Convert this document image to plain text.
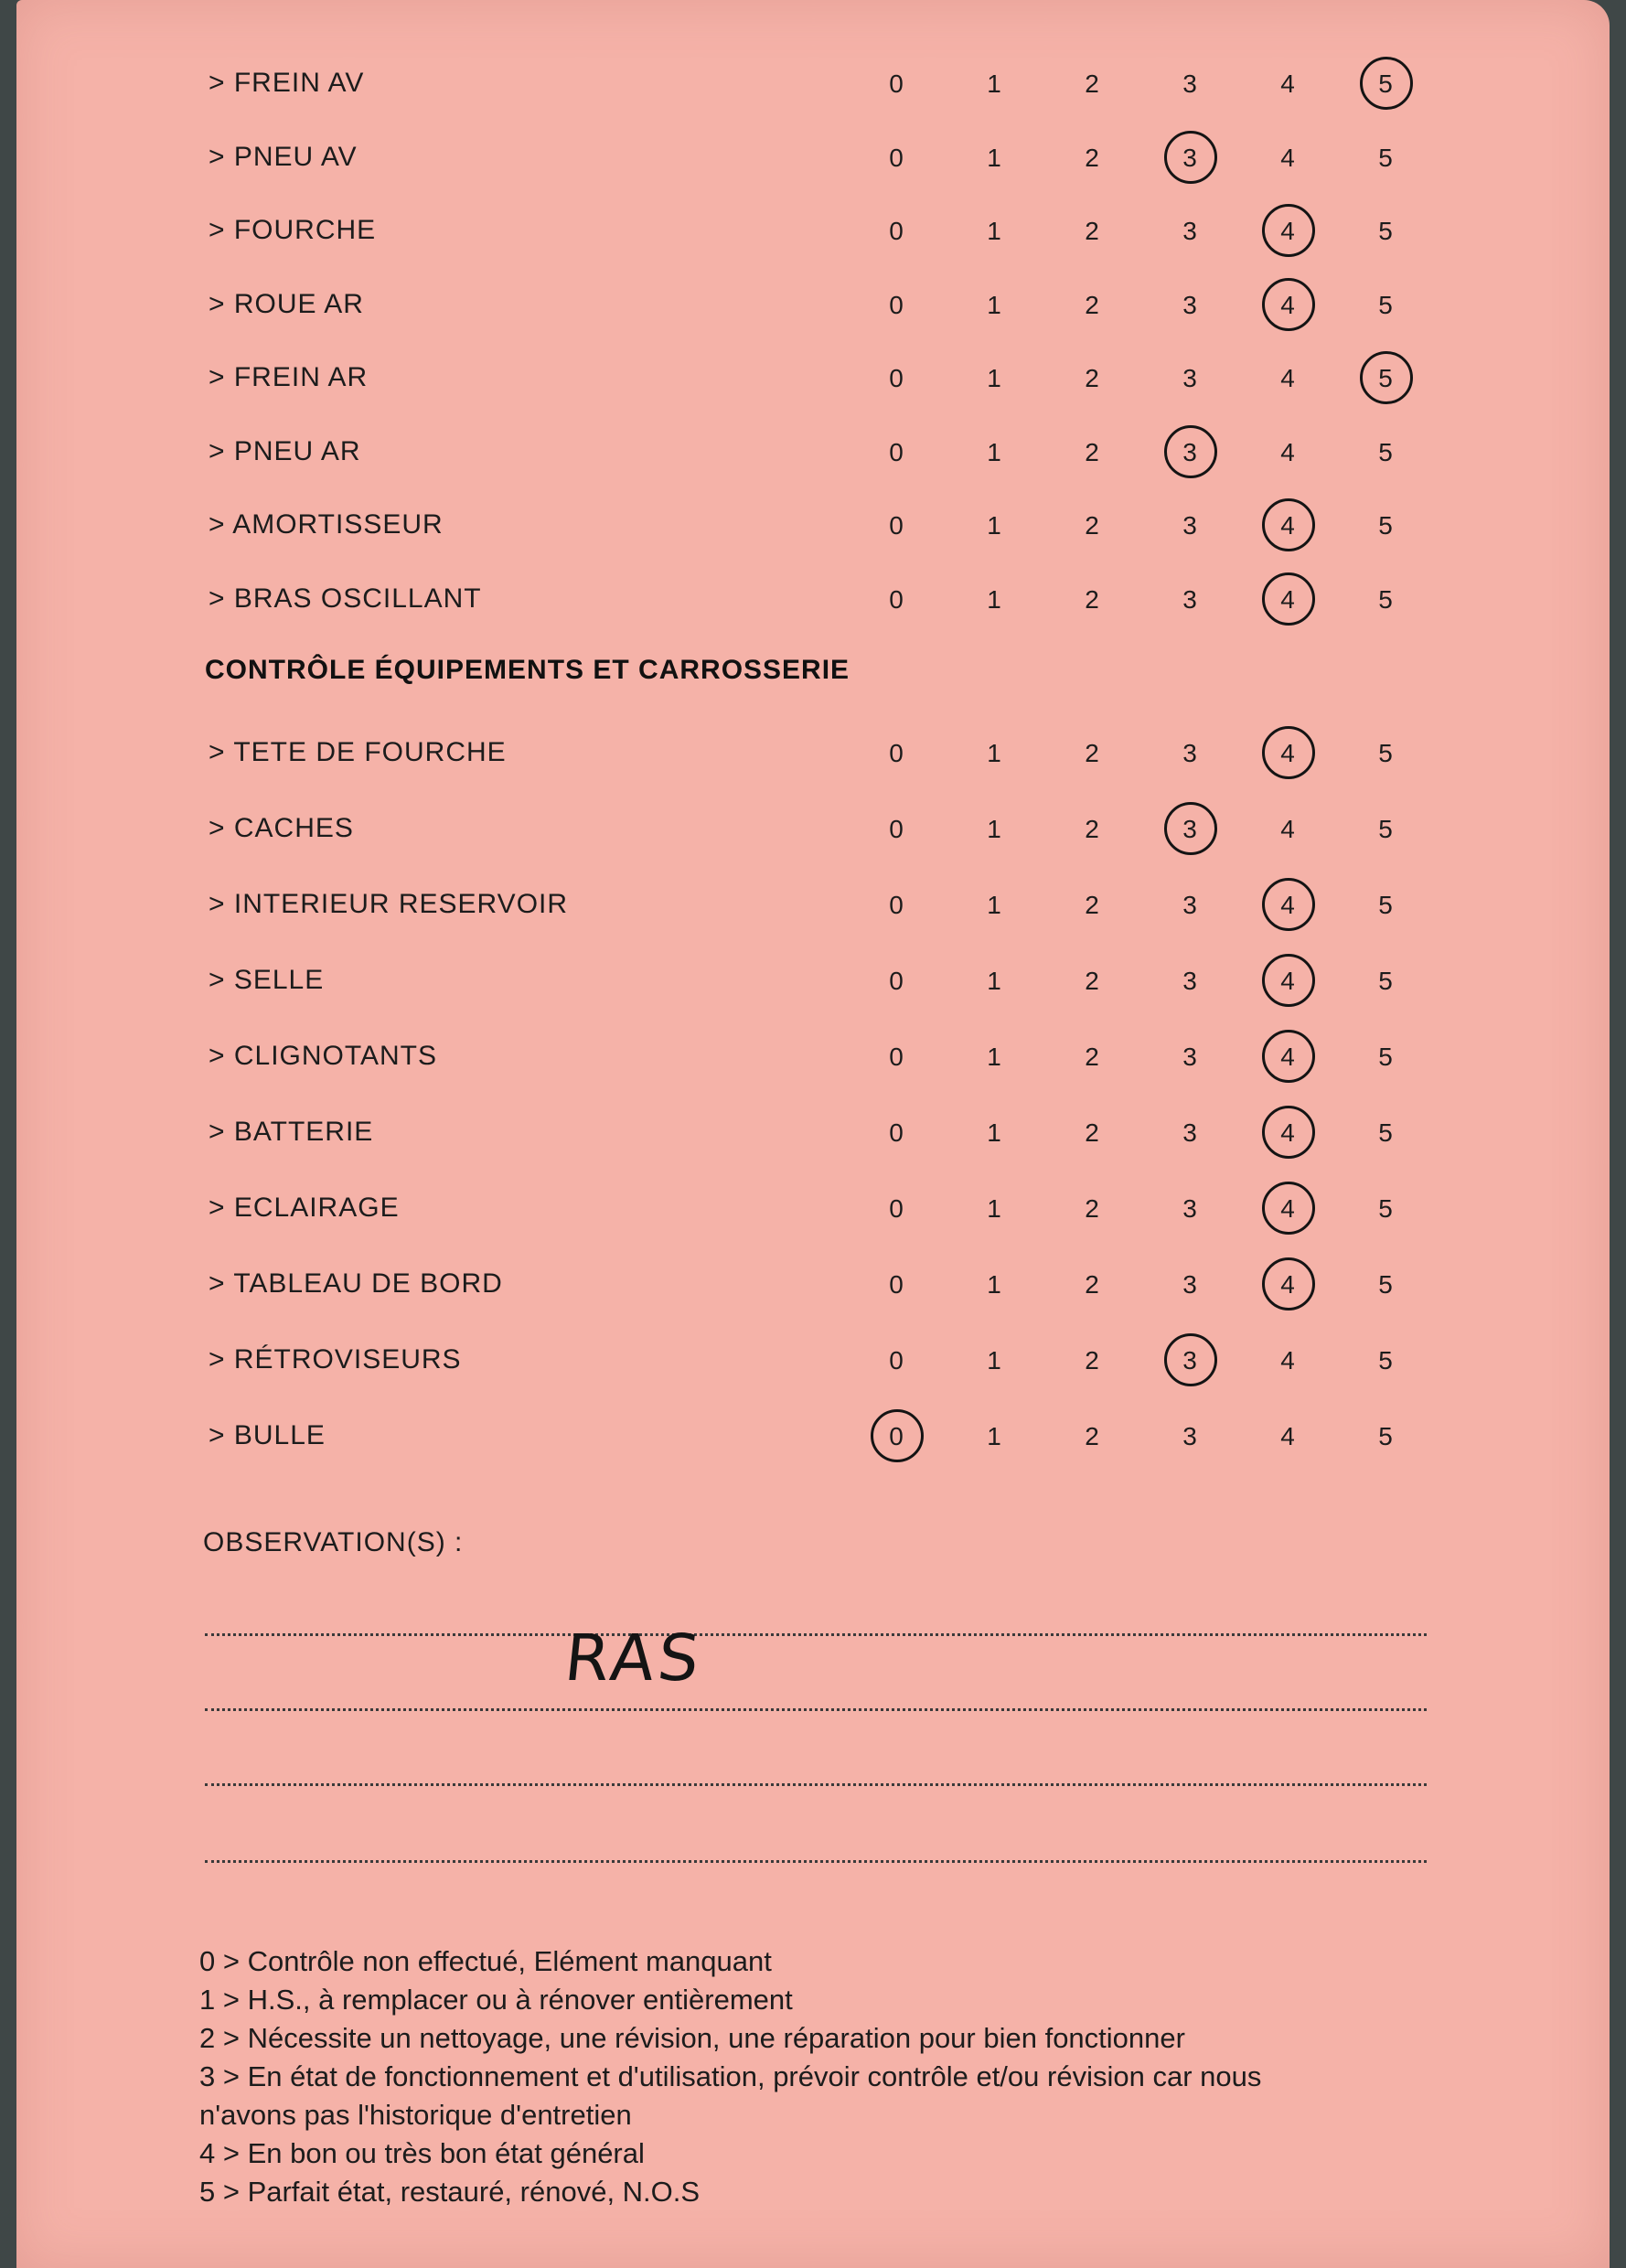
> FREIN AV	0	1	2	3	4	5
> PNEU AV	0	1	2	3	4	5
> FOURCHE	0	1	2	3	4	5
> ROUE AR	0	1	2	3	4	5
> FREIN AR	0	1	2	3	4	5
> PNEU AR	0	1	2	3	4	5
> AMORTISSEUR	0	1	2	3	4	5
> BRAS OSCILLANT	0	1	2	3	4	5
CONTRÔLE ÉQUIPEMENTS ET CARROSSERIE
> TETE DE FOURCHE	0	1	2	3	4	5
> CACHES	0	1	2	3	4	5
> INTERIEUR RESERVOIR	0	1	2	3	4	5
> SELLE	0	1	2	3	4	5
> CLIGNOTANTS	0	1	2	3	4	5
> BATTERIE	0	1	2	3	4	5
> ECLAIRAGE	0	1	2	3	4	5
> TABLEAU DE BORD	0	1	2	3	4	5
> RÉTROVISEURS	0	1	2	3	4	5
> BULLE	0	1	2	3	4	5
OBSERVATION(S) :
RAS
0 > Contrôle non effectué, Elément manquant
1 > H.S., à remplacer ou à rénover entièrement
2 > Nécessite un nettoyage, une révision, une réparation pour bien fonctionner
3 > En état de fonctionnement et d'utilisation, prévoir contrôle et/ou révision car nous
n'avons pas l'historique d'entretien
4 > En bon ou très bon état général
5 > Parfait état, restauré, rénové, N.O.S
